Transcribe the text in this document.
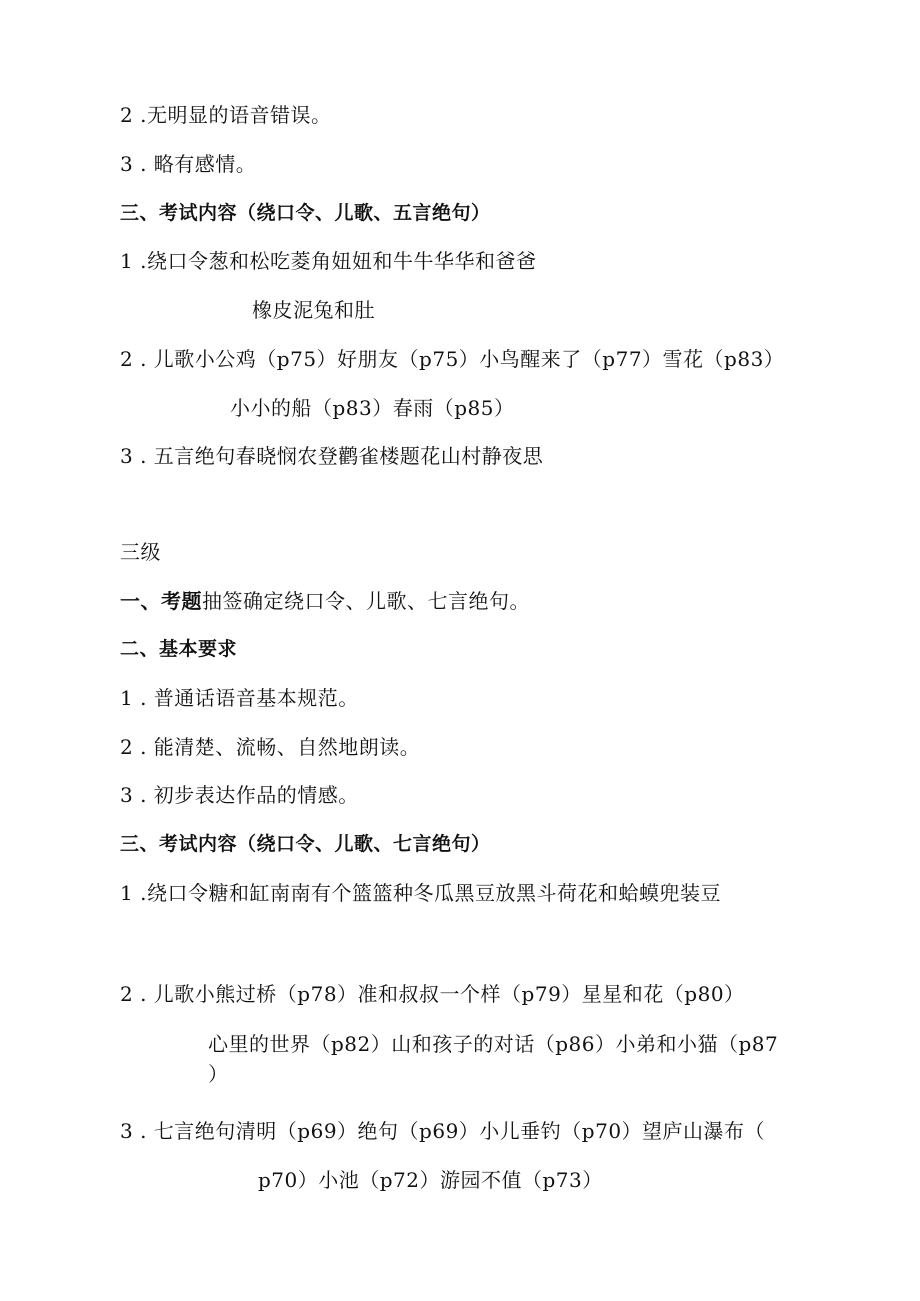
2 .无明显的语音错误。
3 . 略有感情。
三、考试内容（绕口令、儿歌、五言绝句）
1 .绕口令葱和松吃菱角妞妞和牛牛华华和爸爸
橡皮泥兔和肚
2 . 儿歌小公鸡（p75）好朋友（p75）小鸟醒来了（p77）雪花（p83）
小小的船（p83）春雨（p85）
3 . 五言绝句春晓悯农登鹳雀楼题花山村静夜思
三级
一、考题抽签确定绕口令、儿歌、七言绝句。
二、基本要求
1 . 普通话语音基本规范。
2 . 能清楚、流畅、自然地朗读。
3 . 初步表达作品的情感。
三、考试内容（绕口令、儿歌、七言绝句）
1 .绕口令糖和缸南南有个篮篮种冬瓜黑豆放黑斗荷花和蛤蟆兜装豆
2 . 儿歌小熊过桥（p78）准和叔叔一个样（p79）星星和花（p80）
心里的世界（p82）山和孩子的对话（p86）小弟和小猫（p87
）
3 . 七言绝句清明（p69）绝句（p69）小儿垂钓（p70）望庐山瀑布（
p70）小池（p72）游园不值（p73）
